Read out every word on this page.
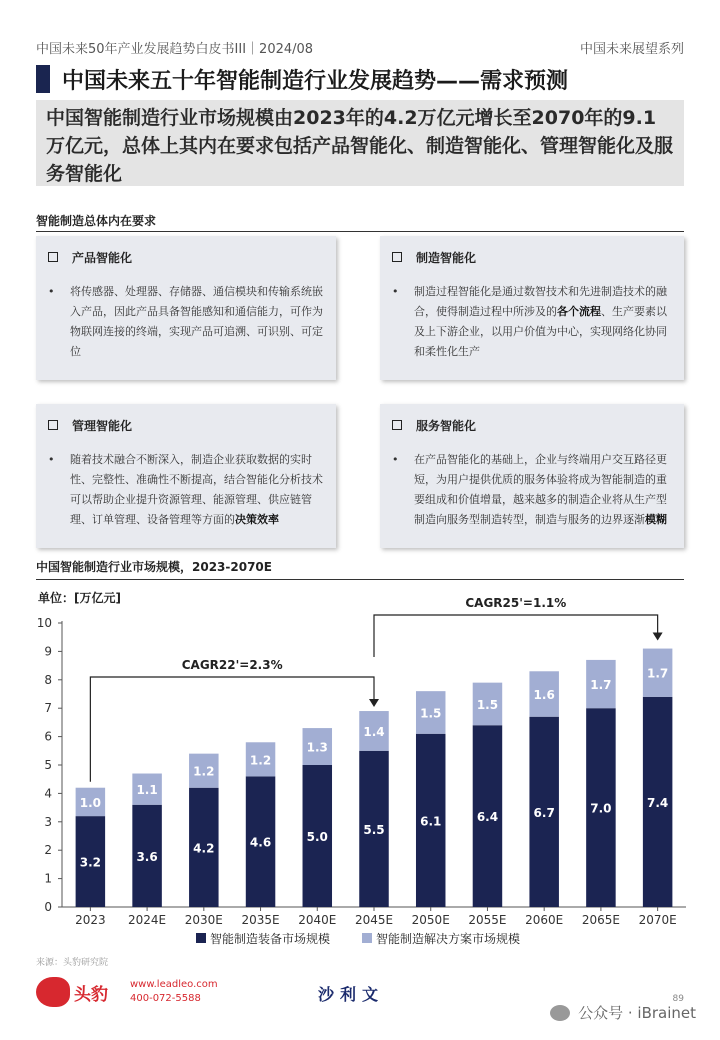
中国未来50年产业发展趋势白皮书III｜2024/08	中国未来展望系列
中国未来五十年智能制造行业发展趋势——需求预测
中国智能制造行业市场规模由2023年的4.2万亿元增长至2070年的9.1万亿元，总体上其内在要求包括产品智能化、制造智能化、管理智能化及服务智能化
智能制造总体内在要求
产品智能化
•	将传感器、处理器、存储器、通信模块和传输系统嵌入产品，因此产品具备智能感知和通信能力，可作为物联网连接的终端，实现产品可追溯、可识别、可定位
制造智能化
•	制造过程智能化是通过数智技术和先进制造技术的融合，使得制造过程中所涉及的各个流程、生产要素以及上下游企业，以用户价值为中心，实现网络化协同和柔性化生产
管理智能化
•	随着技术融合不断深入，制造企业获取数据的实时性、完整性、准确性不断提高，结合智能化分析技术可以帮助企业提升资源管理、能源管理、供应链管理、订单管理、设备管理等方面的决策效率
服务智能化
•	在产品智能化的基础上，企业与终端用户交互路径更短，为用户提供优质的服务体验将成为智能制造的重要组成和价值增量，越来越多的制造企业将从生产型制造向服务型制造转型，制造与服务的边界逐渐模糊
中国智能制造行业市场规模，2023-2070E
单位：[万亿元]
0
1
2
3
4
5
6
7
8
9
10
3.2
1.0
2023
3.6
1.1
2024E
4.2
1.2
2030E
4.6
1.2
2035E
5.0
1.3
2040E
5.5
1.4
2045E
6.1
1.5
2050E
6.4
1.5
2055E
6.7
1.6
2060E
7.0
1.7
2065E
7.4
1.7
2070E
CAGR22'=2.3%
CAGR25'=1.1%
智能制造装备市场规模	智能制造解决方案市场规模
来源：头豹研究院
头豹 www.leadleo.com
400-072-5588	沙利文	89
公众号 · iBrainet
